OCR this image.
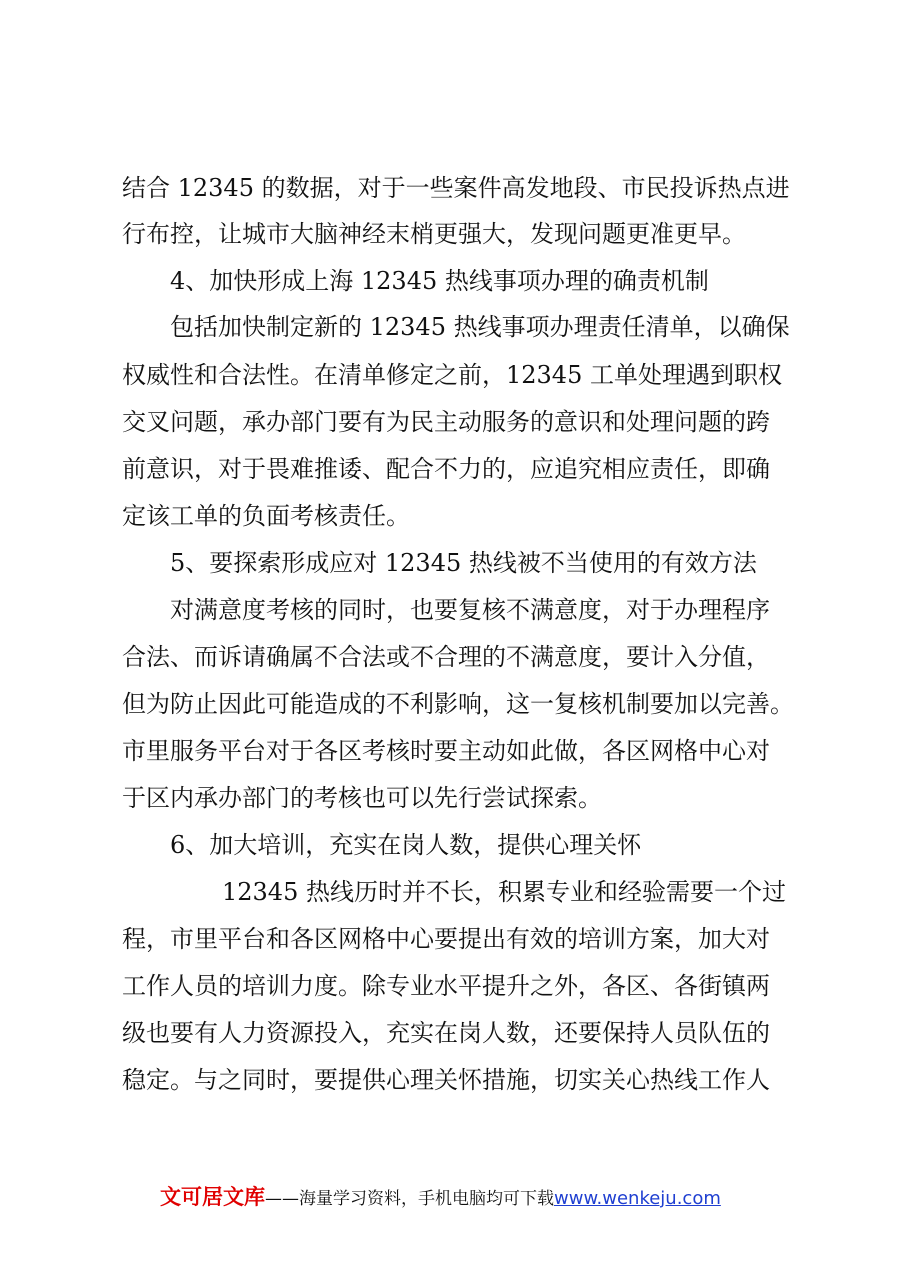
结合 12345 的数据，对于一些案件高发地段、市民投诉热点进
行布控，让城市大脑神经末梢更强大，发现问题更准更早。
4、加快形成上海 12345 热线事项办理的确责机制
包括加快制定新的 12345 热线事项办理责任清单，以确保
权威性和合法性。在清单修定之前，12345 工单处理遇到职权
交叉问题，承办部门要有为民主动服务的意识和处理问题的跨
前意识，对于畏难推诿、配合不力的，应追究相应责任，即确
定该工单的负面考核责任。
5、要探索形成应对 12345 热线被不当使用的有效方法
对满意度考核的同时，也要复核不满意度，对于办理程序
合法、而诉请确属不合法或不合理的不满意度，要计入分值，
但为防止因此可能造成的不利影响，这一复核机制要加以完善。
市里服务平台对于各区考核时要主动如此做，各区网格中心对
于区内承办部门的考核也可以先行尝试探索。
6、加大培训，充实在岗人数，提供心理关怀
12345 热线历时并不长，积累专业和经验需要一个过
程，市里平台和各区网格中心要提出有效的培训方案，加大对
工作人员的培训力度。除专业水平提升之外，各区、各街镇两
级也要有人力资源投入，充实在岗人数，还要保持人员队伍的
稳定。与之同时，要提供心理关怀措施，切实关心热线工作人
文可居文库——海量学习资料，手机电脑均可下载www.wenkeju.com
